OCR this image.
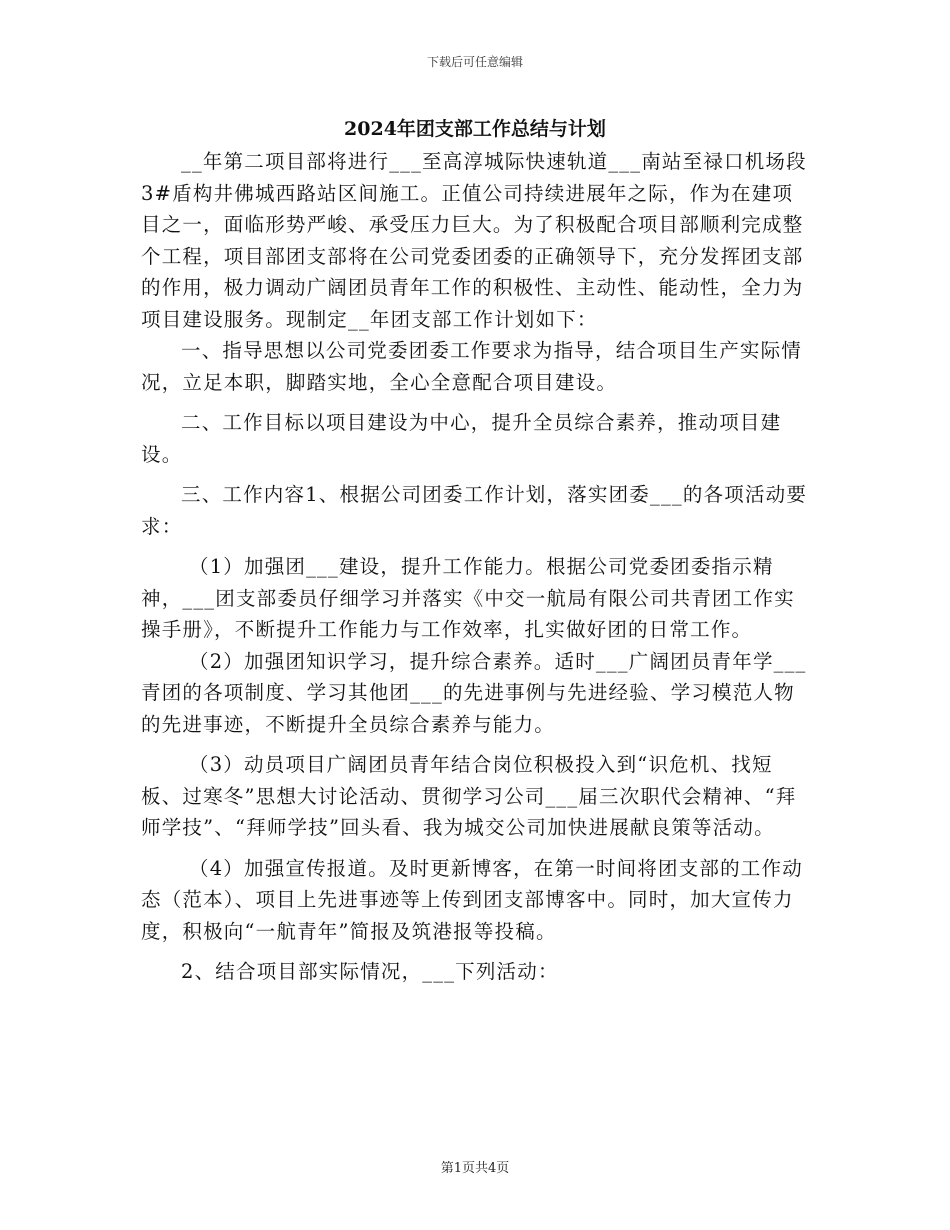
下载后可任意编辑
2024年团支部工作总结与计划

__年第二项目部将进行___至高淳城际快速轨道___南站至禄口机场段3#盾构井佛城西路站区间施工。正值公司持续进展年之际，作为在建项目之一，面临形势严峻、承受压力巨大。为了积极配合项目部顺利完成整个工程，项目部团支部将在公司党委团委的正确领导下，充分发挥团支部的作用，极力调动广阔团员青年工作的积极性、主动性、能动性，全力为项目建设服务。现制定__年团支部工作计划如下：

一、指导思想以公司党委团委工作要求为指导，结合项目生产实际情况，立足本职，脚踏实地，全心全意配合项目建设。

二、工作目标以项目建设为中心，提升全员综合素养，推动项目建设。

三、工作内容1、根据公司团委工作计划，落实团委___的各项活动要求：

（1）加强团___建设，提升工作能力。根据公司党委团委指示精神，___团支部委员仔细学习并落实《中交一航局有限公司共青团工作实操手册》，不断提升工作能力与工作效率，扎实做好团的日常工作。

（2）加强团知识学习，提升综合素养。适时___广阔团员青年学___青团的各项制度、学习其他团___的先进事例与先进经验、学习模范人物的先进事迹，不断提升全员综合素养与能力。

（3）动员项目广阔团员青年结合岗位积极投入到“识危机、找短板、过寒冬”思想大讨论活动、贯彻学习公司___届三次职代会精神、“拜师学技”、“拜师学技”回头看、我为城交公司加快进展献良策等活动。

（4）加强宣传报道。及时更新博客，在第一时间将团支部的工作动态（范本）、项目上先进事迹等上传到团支部博客中。同时，加大宣传力度，积极向“一航青年”简报及筑港报等投稿。

2、结合项目部实际情况，___下列活动：

第1页共4页
